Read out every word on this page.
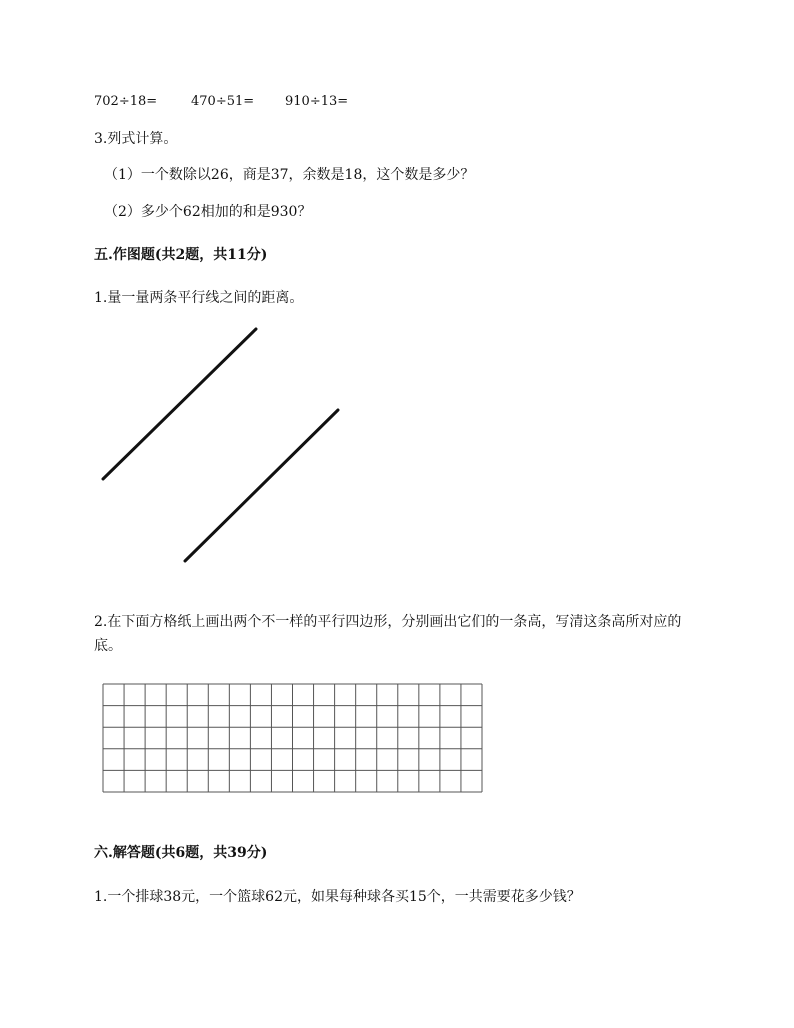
702÷18=	470÷51= 910÷13=
3.列式计算。
（1）一个数除以26，商是37，余数是18，这个数是多少？
（2）多少个62相加的和是930？
五.作图题(共2题，共11分)
1.量一量两条平行线之间的距离。
2.在下面方格纸上画出两个不一样的平行四边形，分别画出它们的一条高，写清这条高所对应的底。
六.解答题(共6题，共39分)
1.一个排球38元，一个篮球62元，如果每种球各买15个，一共需要花多少钱？
